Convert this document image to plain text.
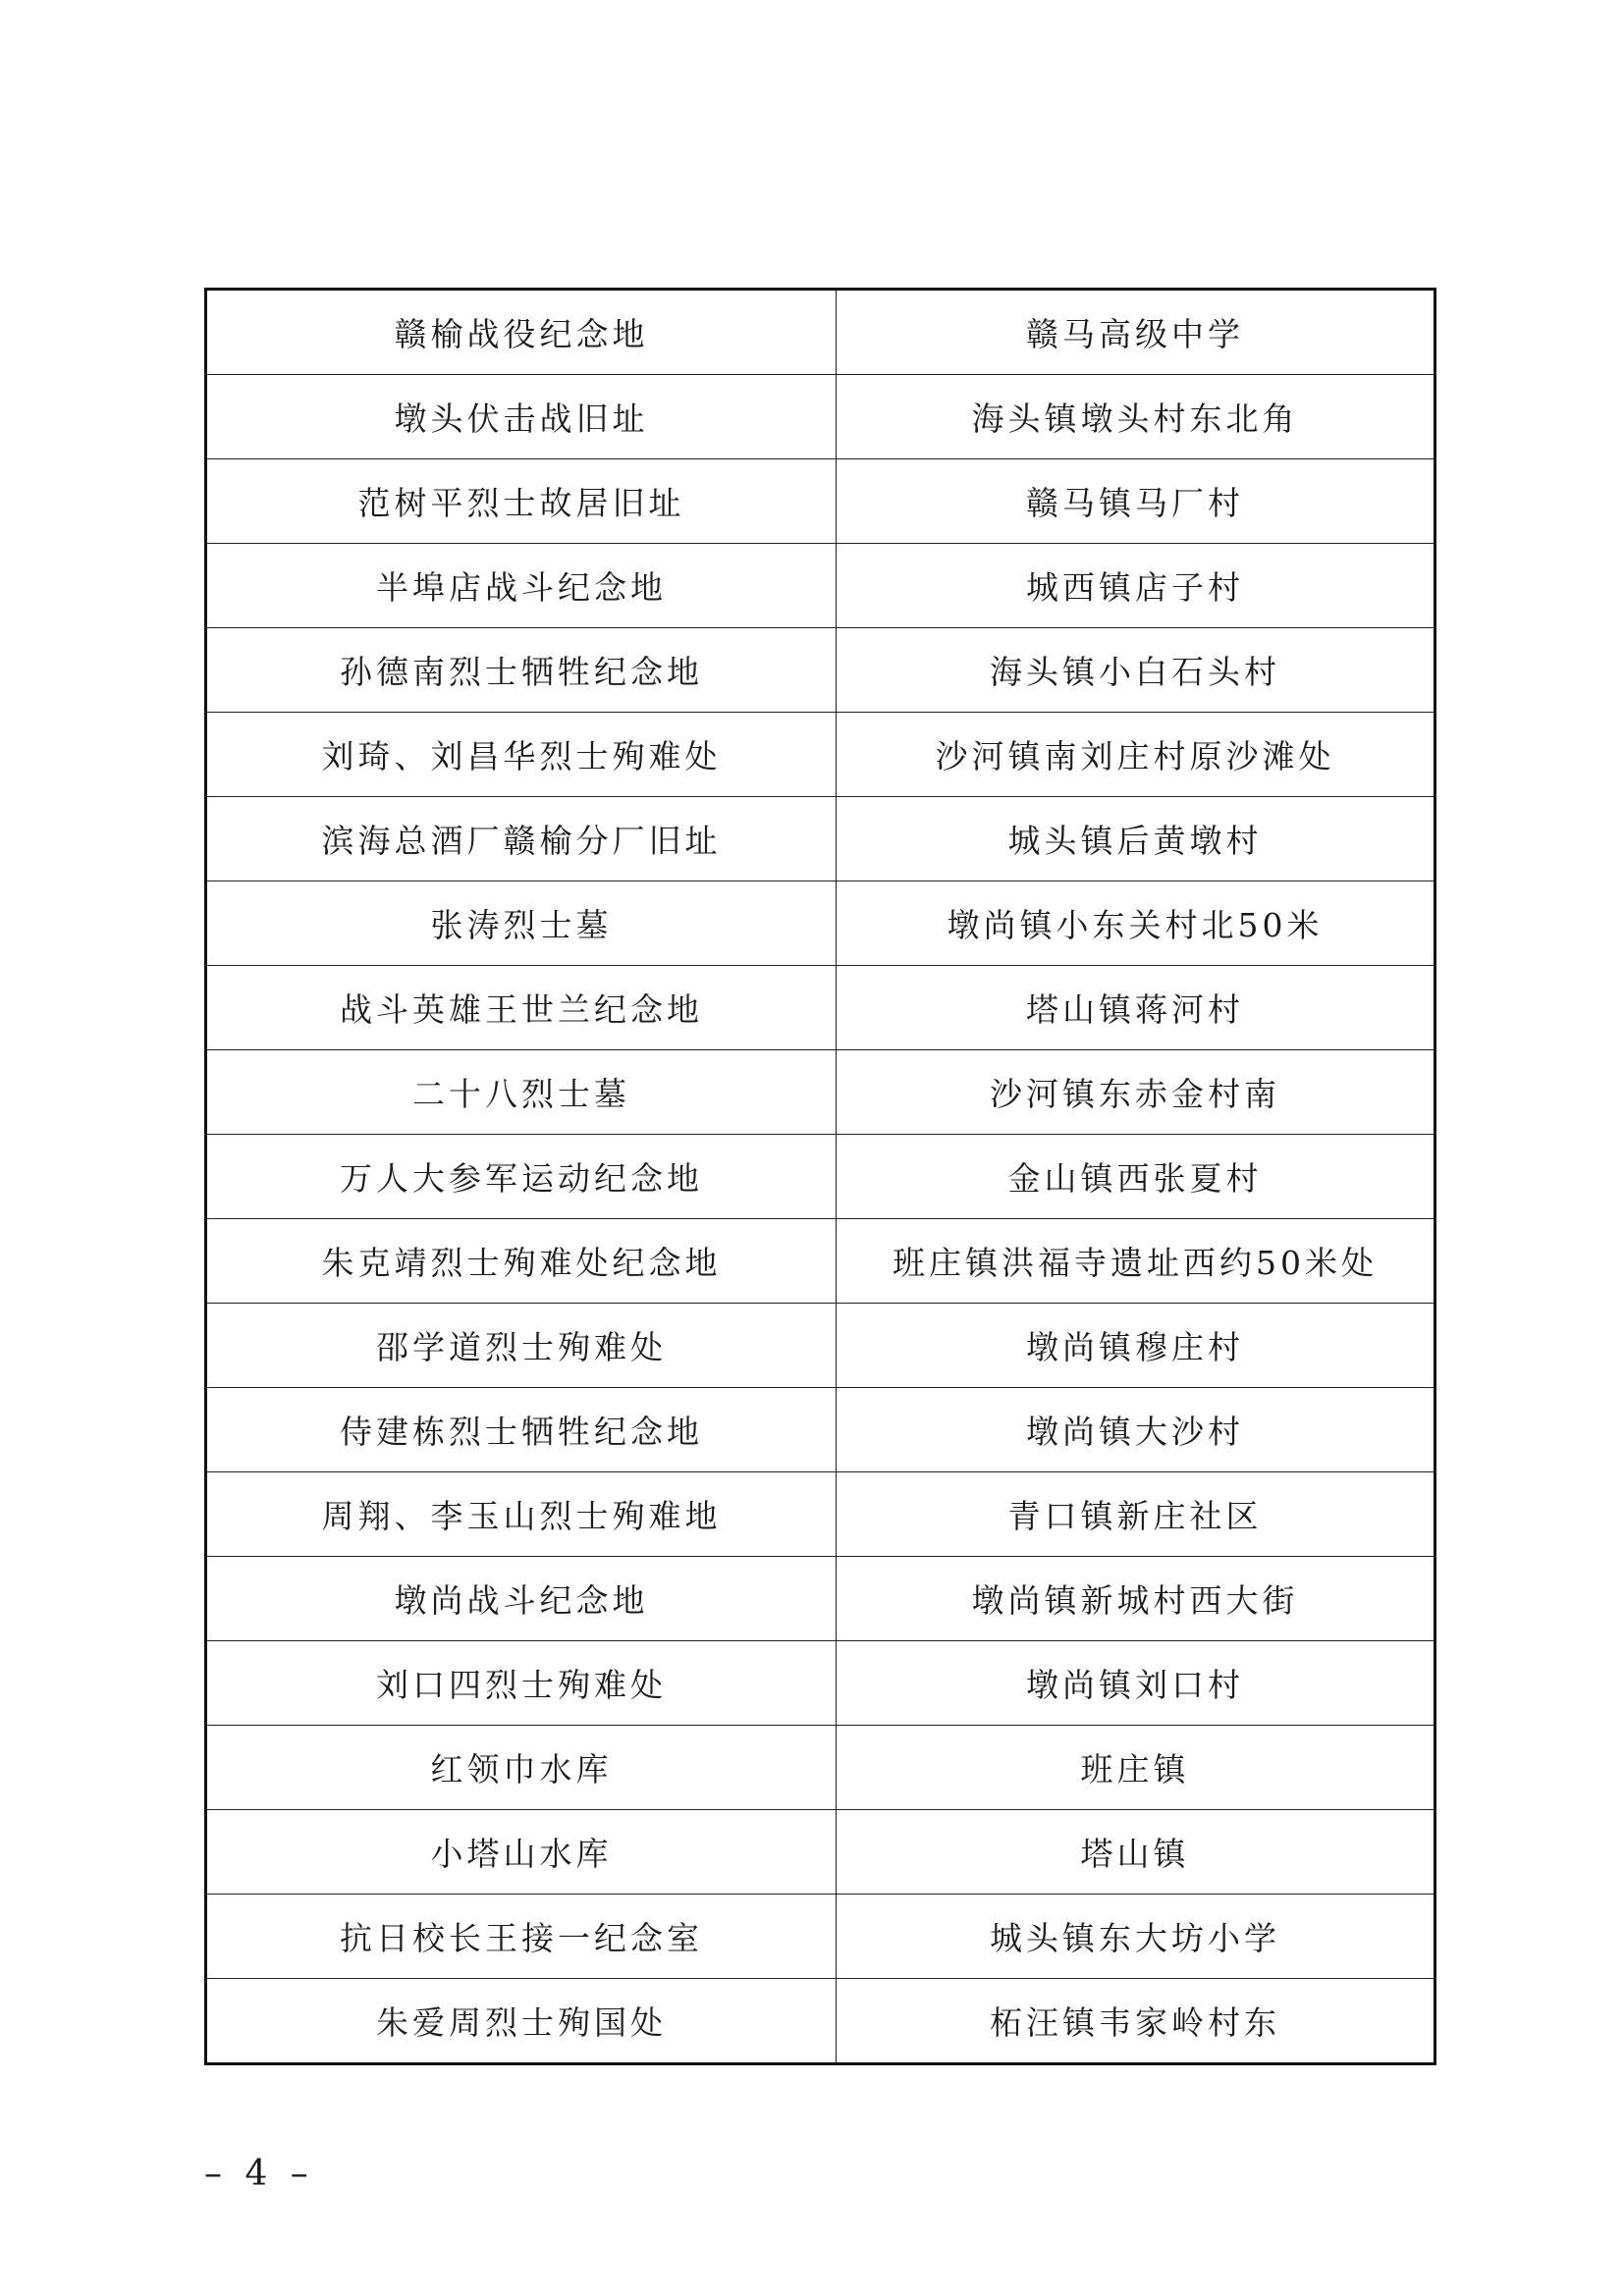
赣榆战役纪念地	赣马高级中学
墩头伏击战旧址	海头镇墩头村东北角
范树平烈士故居旧址	赣马镇马厂村
半埠店战斗纪念地	城西镇店子村
孙德南烈士牺牲纪念地	海头镇小白石头村
刘琦、刘昌华烈士殉难处	沙河镇南刘庄村原沙滩处
滨海总酒厂赣榆分厂旧址	城头镇后黄墩村
张涛烈士墓	墩尚镇小东关村北50米
战斗英雄王世兰纪念地	塔山镇蒋河村
二十八烈士墓	沙河镇东赤金村南
万人大参军运动纪念地	金山镇西张夏村
朱克靖烈士殉难处纪念地	班庄镇洪福寺遗址西约50米处
邵学道烈士殉难处	墩尚镇穆庄村
侍建栋烈士牺牲纪念地	墩尚镇大沙村
周翔、李玉山烈士殉难地	青口镇新庄社区
墩尚战斗纪念地	墩尚镇新城村西大街
刘口四烈士殉难处	墩尚镇刘口村
红领巾水库	班庄镇
小塔山水库	塔山镇
抗日校长王接一纪念室	城头镇东大坊小学
朱爱周烈士殉国处	柘汪镇韦家岭村东
– 4 –
